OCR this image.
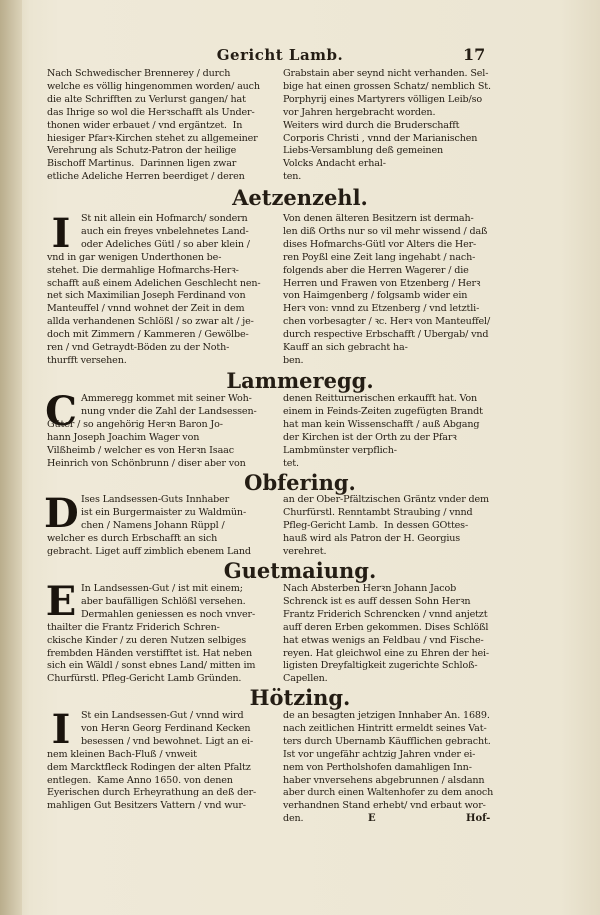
Gericht Lamb.	17
Nach Schwedischer Brennerey / durch
welche es völlig hingenommen worden/ auch
die alte Schrifften zu Verlurst gangen/ hat
das Ihrige so wol die Herꝛschafft als Under-
thonen wider erbauet / vnd ergäntzet.  In
hiesiger Pfarꝛ-Kirchen stehet zu allgemeiner
Verehrung als Schutz-Patron der heilige
Bischoff Martinus.  Darinnen ligen zwar
etliche Adeliche Herren beerdiget / deren
Grabstain aber seynd nicht verhanden. Sel-
bige hat einen grossen Schatz/ nemblich St.
Porphyrij eines Martyrers völligen Leib/so
vor Jahren hergebracht worden.
Weiters wird durch die Bruderschafft
Corporis Christi , vnnd der Marianischen
Liebs-Versamblung deß gemeinen
Volcks Andacht erhal-
ten.
Aetzenzehl.
I	St nit allein ein Hofmarch/ sondern
auch ein freyes vnbelehnetes Land-
oder Adeliches Gütl / so aber klein /
vnd in gar wenigen Underthonen be-
stehet. Die dermahlige Hofmarchs-Herꝛ-
schafft auß einem Adelichen Geschlecht nen-
net sich Maximilian Joseph Ferdinand von
Manteuffel / vnnd wohnet der Zeit in dem
allda verhandenen Schlößl / so zwar alt / je-
doch mit Zimmern / Kammeren / Gewölbe-
ren / vnd Getraydt-Böden zu der Noth-
thurfft versehen.
Von denen älteren Besitzern ist dermah-
len diß Orths nur so vil mehr wissend / daß
dises Hofmarchs-Gütl vor Alters die Her-
ren Poyßl eine Zeit lang ingehabt / nach-
folgends aber die Herren Wagerer / die
Herren und Frawen von Etzenberg / Herꝛ
von Haimgenberg / folgsamb wider ein
Herꝛ von: vnnd zu Etzenberg / vnd letztli-
chen vorbesagter / ꝛc. Herꝛ von Manteuffel/
durch respective Erbschafft / Ubergab/ vnd
Kauff an sich gebracht ha-
ben.
Lammeregg.
C Ammeregg kommet mit seiner Woh-
nung vnder die Zahl der Landsessen-
Güter / so angehörig Herꝛn Baron Jo-
hann Joseph Joachim Wager von
Vilßheimb / welcher es von Herꝛn Isaac
Heinrich von Schönbrunn / diser aber von
denen Reitturnerischen erkaufft hat. Von
einem in Feinds-Zeiten zugefügten Brandt
hat man kein Wissenschafft / auß Abgang
der Kirchen ist der Orth zu der Pfarꝛ
Lambmünster verpflich-
tet.
Obfering.
D Ises Landsessen-Guts Innhaber
ist ein Burgermaister zu Waldmün-
chen / Namens Johann Rüppl /
welcher es durch Erbschafft an sich
gebracht. Liget auff zimblich ebenem Land
an der Ober-Pfältzischen Gräntz vnder dem
Churfürstl. Renntambt Straubing / vnnd
Pfleg-Gericht Lamb.  In dessen GOttes-
hauß wird als Patron der H. Georgius
verehret.
Guetmaiung.
E In Landsessen-Gut / ist mit einem;
aber baufälligen Schlößl versehen.
Dermahlen geniessen es noch vnver-
thailter die Frantz Friderich Schren-
ckische Kinder / zu deren Nutzen selbiges
frembden Händen verstifftet ist. Hat neben
sich ein Wäldl / sonst ebnes Land/ mitten im
Churfürstl. Pfleg-Gericht Lamb Gründen.
Nach Absterben Herꝛn Johann Jacob
Schrenck ist es auff dessen Sohn Herꝛn
Frantz Friderich Schrencken / vnnd anjetzt
auff deren Erben gekommen. Dises Schlößl
hat etwas wenigs an Feldbau / vnd Fische-
reyen. Hat gleichwol eine zu Ehren der hei-
ligisten Dreyfaltigkeit zugerichte Schloß-
Capellen.
Hötzing.
I	St ein Landsessen-Gut / vnnd wird
von Herꝛn Georg Ferdinand Kecken
besessen / vnd bewohnet. Ligt an ei-
nem kleinen Bach-Fluß / vnweit
dem Marcktfleck Rodingen der alten Pfaltz
entlegen.  Kame Anno 1650. von denen
Eyerischen durch Erheyrathung an deß der-
mahligen Gut Besitzers Vattern / vnd wur-
de an besagten jetzigen Innhaber An. 1689.
nach zeitlichen Hintritt ermeldt seines Vat-
ters durch Ubernamb Käufflichen gebracht.
Ist vor ungefähr achtzig Jahren vnder ei-
nem von Pertholshofen damahligen Inn-
haber vnversehens abgebrunnen / alsdann
aber durch einen Waltenhofer zu dem anoch
verhandnen Stand erhebt/ vnd erbaut wor-
den.	E	Hof-
